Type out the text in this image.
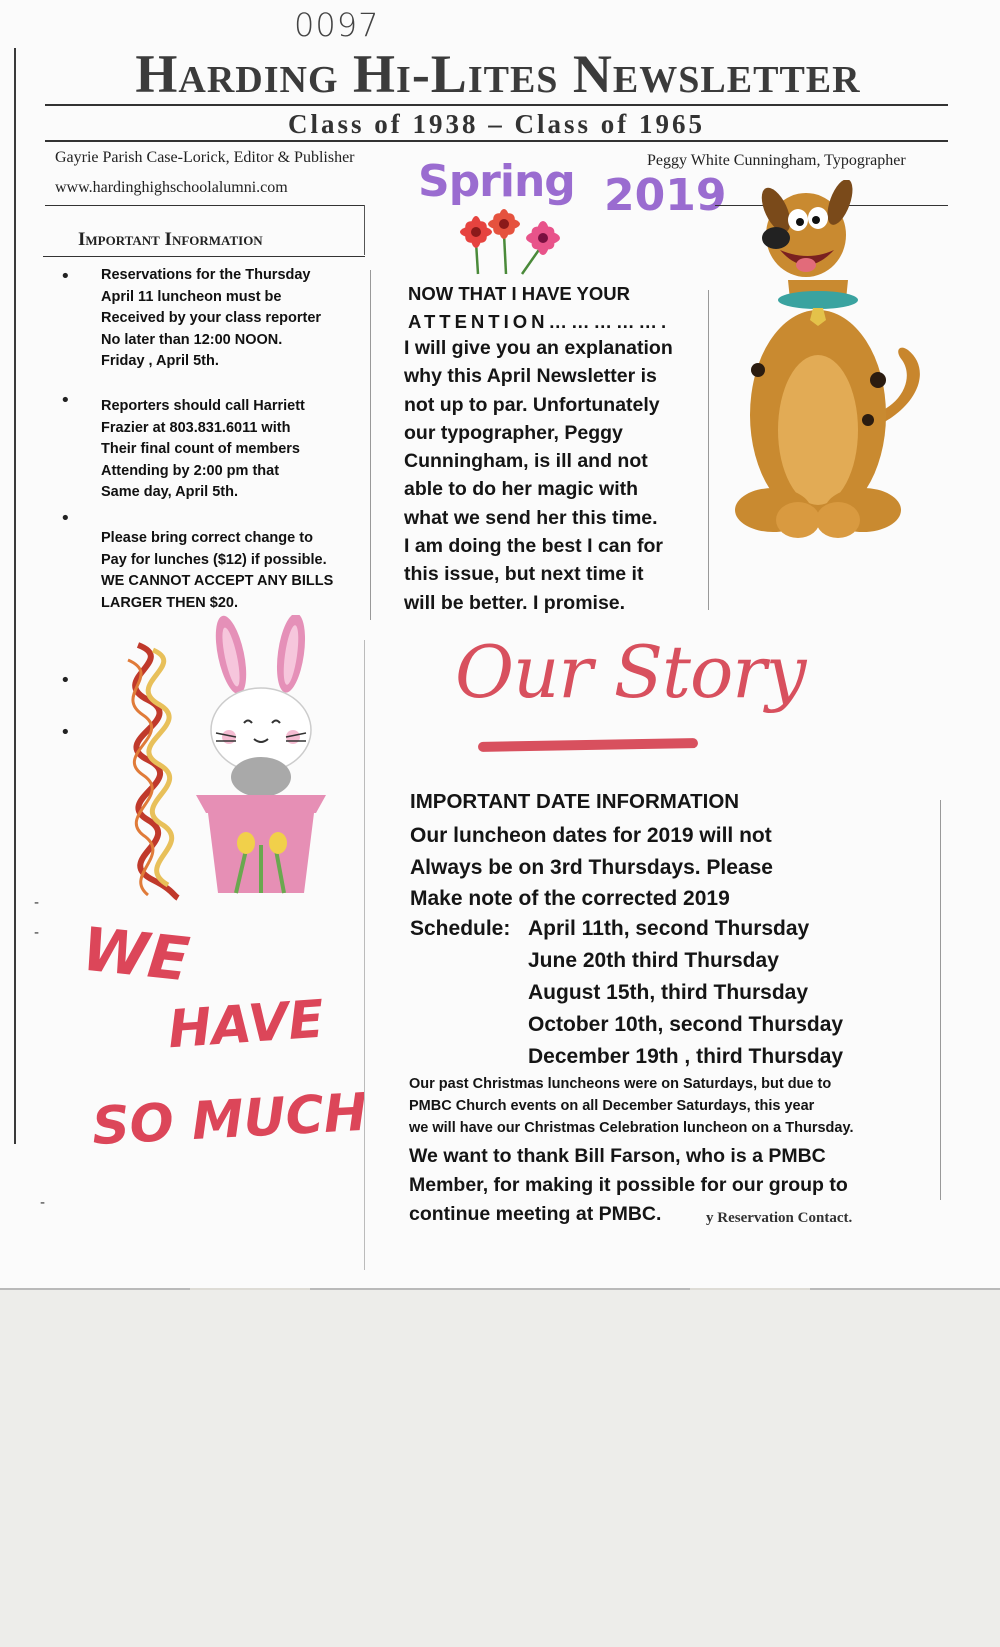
0097
Harding Hi-Lites Newsletter
Class of 1938 – Class of 1965
Gayrie Parish Case-Lorick, Editor & Publisher
www.hardinghighschoolalumni.com
Peggy White Cunningham, Typographer
Spring 2019
Important Information
• Reservations for the Thursday
April 11 luncheon must be
Received by your class reporter
No later than 12:00 NOON.
Friday , April 5th.
• Reporters should call Harriett
Frazier at 803.831.6011 with
Their final count of members
Attending by 2:00 pm that
Same day, April 5th.
•
Please bring correct change to
Pay for lunches ($12) if possible.
WE CANNOT ACCEPT ANY BILLS
LARGER THEN $20.
•
•
WE
HAVE
SO MUCH
-
-
-
NOW THAT I HAVE YOUR
ATTENTION…………….
I will give you an explanation
why this April Newsletter is
not up to par. Unfortunately
our typographer, Peggy
Cunningham, is ill and not
able to do her magic with
what we send her this time.
I am doing the best I can for
this issue, but next time it
will be better. I promise.
Our Story
IMPORTANT DATE INFORMATION
Our luncheon dates for 2019 will not
Always be on 3rd Thursdays. Please
Make note of the corrected 2019
Schedule: April 11th, second Thursday
June 20th third Thursday
August 15th, third Thursday
October 10th, second Thursday
December 19th , third Thursday
Our past Christmas luncheons were on Saturdays, but due to
PMBC Church events on all December Saturdays, this year
we will have our Christmas Celebration luncheon on a Thursday.
We want to thank Bill Farson, who is a PMBC
Member, for making it possible for our group to
continue meeting at PMBC.	y Reservation Contact.
